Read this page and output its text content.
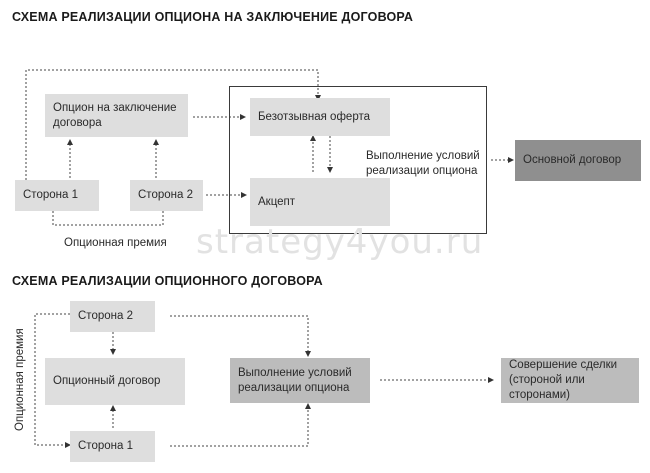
СХЕМА РЕАЛИЗАЦИИ ОПЦИОНА НА ЗАКЛЮЧЕНИЕ ДОГОВОРА
Опцион на заключение договора	Безотзывная оферта
Акцепт
Сторона 1	Сторона 2
Опционная премия
Выполнение условий реализации опциона
Основной договор
strategy4you.ru
СХЕМА РЕАЛИЗАЦИИ ОПЦИОННОГО ДОГОВОРА
Сторона 2
Опционный договор
Сторона 1
Выполнение условий реализации опциона
Совершение сделки (стороной или сторонами)
Опционная премия
